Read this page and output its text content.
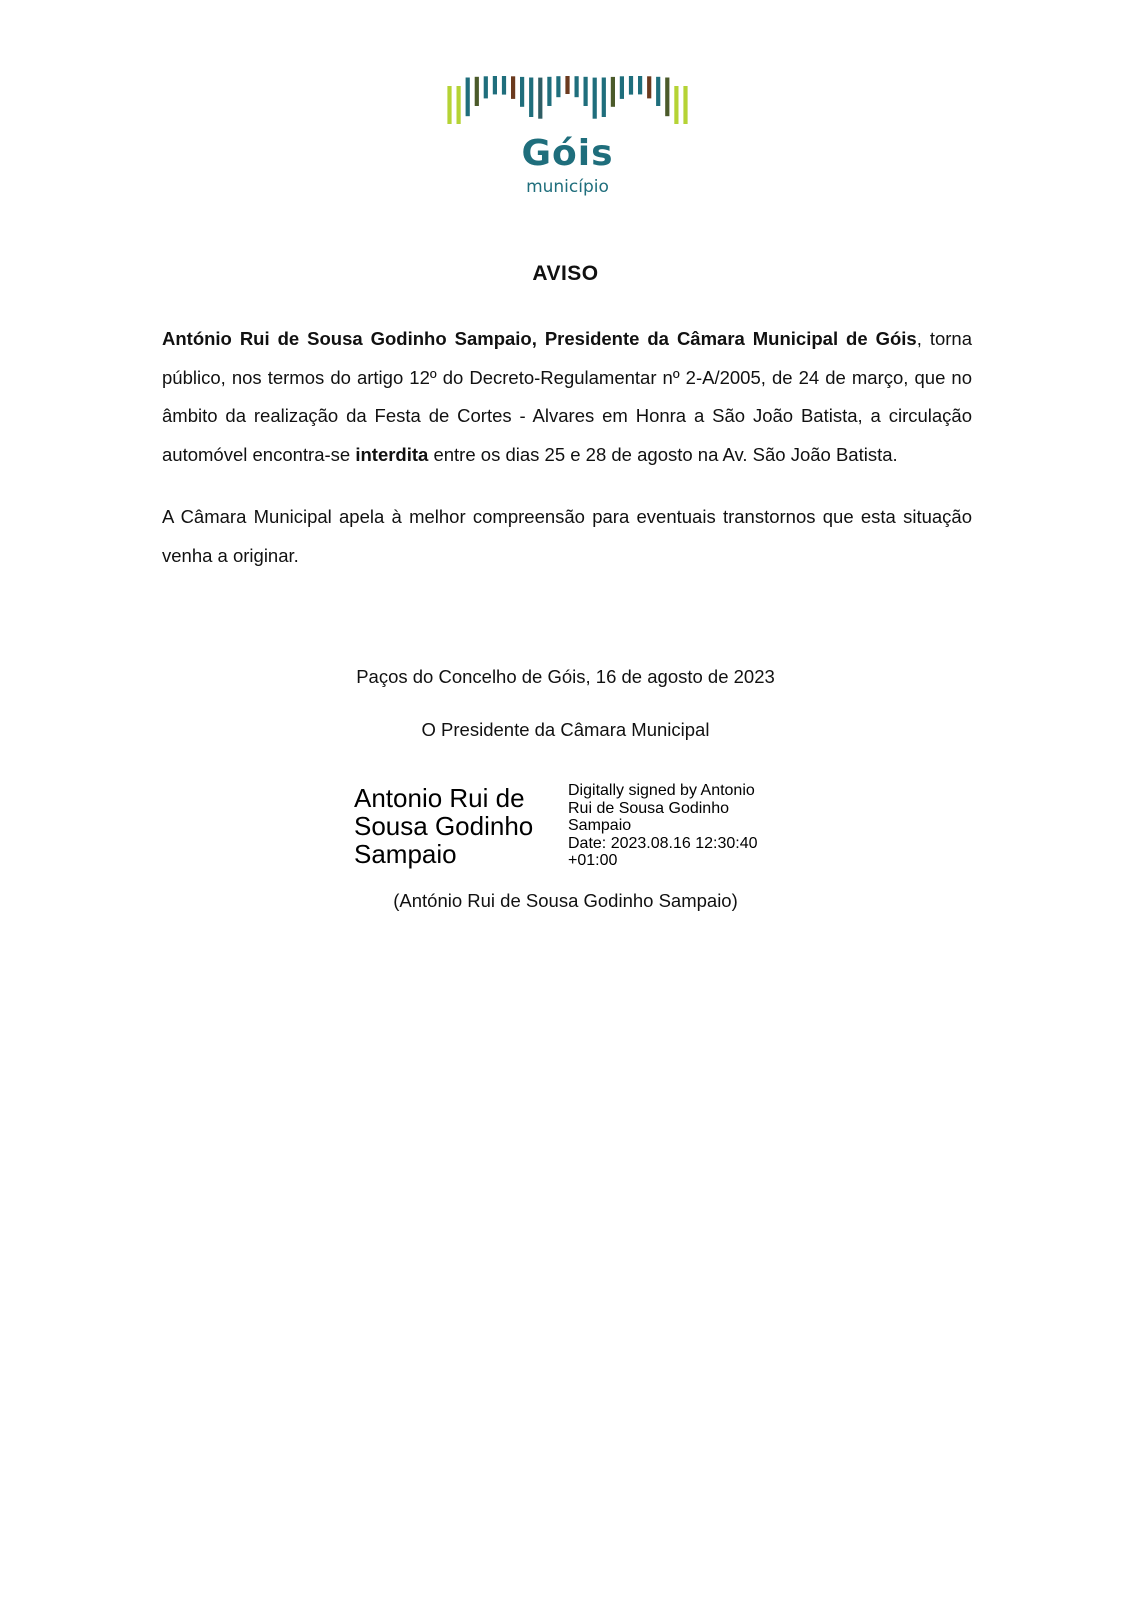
Góis
município
AVISO
António Rui de Sousa Godinho Sampaio, Presidente da Câmara Municipal de Góis, torna público, nos termos do artigo 12º do Decreto-Regulamentar nº 2-A/2005, de 24 de março, que no âmbito da realização da Festa de Cortes - Alvares em Honra a São João Batista, a circulação automóvel encontra-se interdita entre os dias 25 e 28 de agosto na Av. São João Batista.
A Câmara Municipal apela à melhor compreensão para eventuais transtornos que esta situação venha a originar.
Paços do Concelho de Góis, 16 de agosto de 2023
O Presidente da Câmara Municipal
Antonio Rui de
Sousa Godinho
Sampaio
Digitally signed by Antonio
Rui de Sousa Godinho
Sampaio
Date: 2023.08.16 12:30:40
+01:00
(António Rui de Sousa Godinho Sampaio)
